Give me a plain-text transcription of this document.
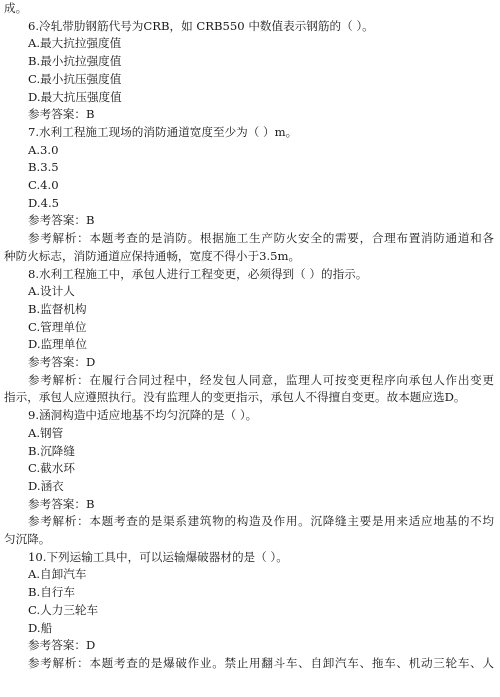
成。
6.冷轧带肋钢筋代号为CRB，如 CRB550 中数值表示钢筋的（ ）。
A.最大抗拉强度值
B.最小抗拉强度值
C.最小抗压强度值
D.最大抗压强度值
参考答案：B
7.水利工程施工现场的消防通道宽度至少为（ ）m。
A.3.0
B.3.5
C.4.0
D.4.5
参考答案：B
参考解析：本题考查的是消防。根据施工生产防火安全的需要，合理布置消防通道和各
种防火标志，消防通道应保持通畅，宽度不得小于3.5m。
8.水利工程施工中，承包人进行工程变更，必须得到（ ）的指示。
A.设计人
B.监督机构
C.管理单位
D.监理单位
参考答案：D
参考解析：在履行合同过程中，经发包人同意，监理人可按变更程序向承包人作出变更
指示，承包人应遵照执行。没有监理人的变更指示，承包人不得擅自变更。故本题应选D。
9.涵洞构造中适应地基不均匀沉降的是（ ）。
A.钢管
B.沉降缝
C.截水环
D.涵衣
参考答案：B
参考解析：本题考查的是渠系建筑物的构造及作用。沉降缝主要是用来适应地基的不均
匀沉降。
10.下列运输工具中，可以运输爆破器材的是（ ）。
A.自卸汽车
B.自行车
C.人力三轮车
D.船
参考答案：D
参考解析：本题考查的是爆破作业。禁止用翻斗车、自卸汽车、拖车、机动三轮车、人
